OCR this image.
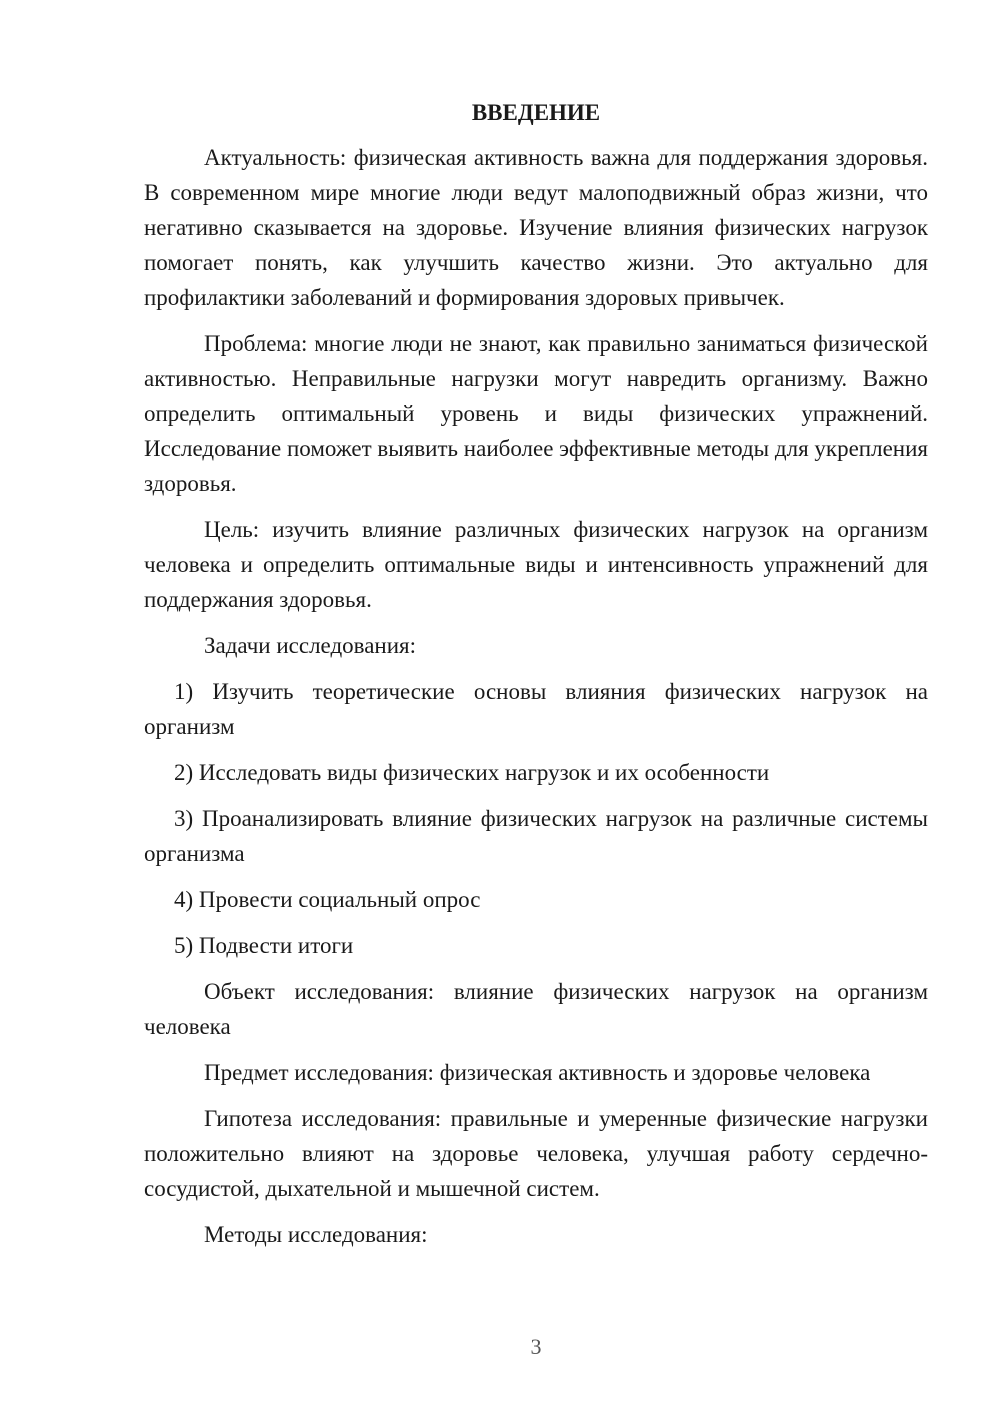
ВВЕДЕНИЕ
Актуальность: физическая активность важна для поддержания здоровья. В современном мире многие люди ведут малоподвижный образ жизни, что негативно сказывается на здоровье. Изучение влияния физических нагрузок помогает понять, как улучшить качество жизни. Это актуально для профилактики заболеваний и формирования здоровых привычек.
Проблема: многие люди не знают, как правильно заниматься физической активностью. Неправильные нагрузки могут навредить организму. Важно определить оптимальный уровень и виды физических упражнений. Исследование поможет выявить наиболее эффективные методы для укрепления здоровья.
Цель: изучить влияние различных физических нагрузок на организм человека и определить оптимальные виды и интенсивность упражнений для поддержания здоровья.
Задачи исследования:
1) Изучить теоретические основы влияния физических нагрузок на организм
2) Исследовать виды физических нагрузок и их особенности
3) Проанализировать влияние физических нагрузок на различные системы организма
4) Провести социальный опрос
5) Подвести итоги
Объект исследования: влияние физических нагрузок на организм человека
Предмет исследования: физическая активность и здоровье человека
Гипотеза исследования: правильные и умеренные физические нагрузки положительно влияют на здоровье человека, улучшая работу сердечно-сосудистой, дыхательной и мышечной систем.
Методы исследования:
3
